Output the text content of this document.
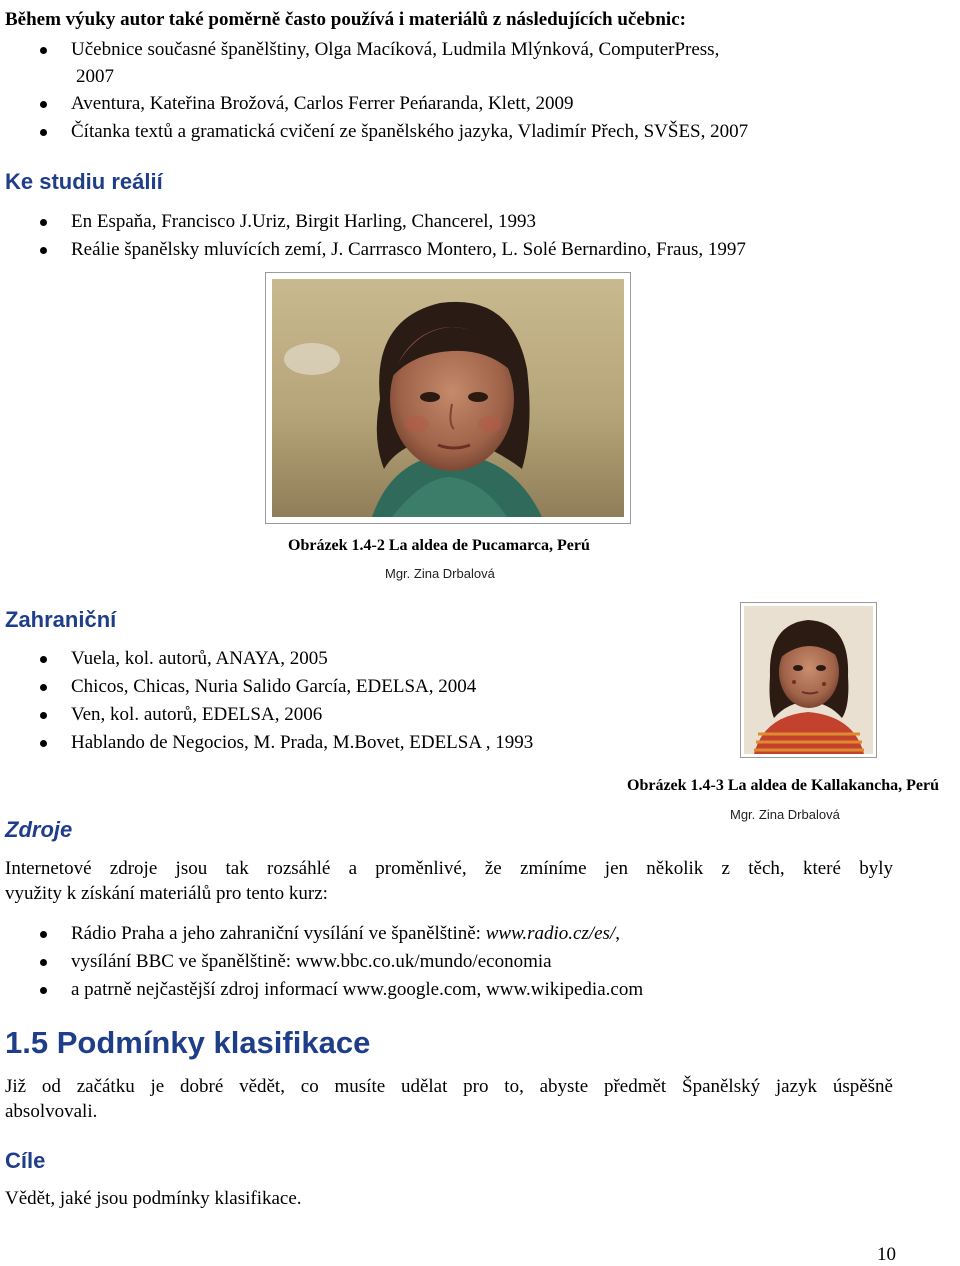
Během výuky autor také poměrně často používá i materiálů z následujících učebnic:
Učebnice současné španělštiny, Olga Macíková, Ludmila Mlýnková, ComputerPress,
2007
Aventura, Kateřina Brožová, Carlos Ferrer Peńaranda, Klett, 2009
Čítanka textů a gramatická cvičení ze španělského jazyka, Vladimír Přech, SVŠES, 2007
Ke studiu reálií
En Espaňa, Francisco J.Uriz, Birgit Harling, Chancerel, 1993
Reálie španělsky mluvících zemí, J. Carrrasco Montero, L. Solé Bernardino, Fraus, 1997
Obrázek 1.4-2 La aldea de Pucamarca, Perú
Mgr. Zina Drbalová
Zahraniční
Vuela, kol. autorů, ANAYA, 2005
Chicos, Chicas, Nuria Salido García, EDELSA, 2004
Ven, kol. autorů, EDELSA, 2006
Hablando de Negocios, M. Prada, M.Bovet, EDELSA , 1993
Obrázek 1.4-3 La aldea de Kallakancha, Perú
Mgr. Zina Drbalová
Zdroje
Internetové zdroje jsou tak rozsáhlé a proměnlivé, že zmíníme jen několik z těch, které byly
využity k získání materiálů pro tento kurz:
Rádio Praha a jeho zahraniční vysílání ve španělštině: www.radio.cz/es/,
vysílání BBC ve španělštině: www.bbc.co.uk/mundo/economia
a patrně nejčastější zdroj informací www.google.com, www.wikipedia.com
1.5 Podmínky klasifikace
Již od začátku je dobré vědět, co musíte udělat pro to, abyste předmět Španělský jazyk úspěšně
absolvovali.
Cíle
Vědět, jaké jsou podmínky klasifikace.
10
